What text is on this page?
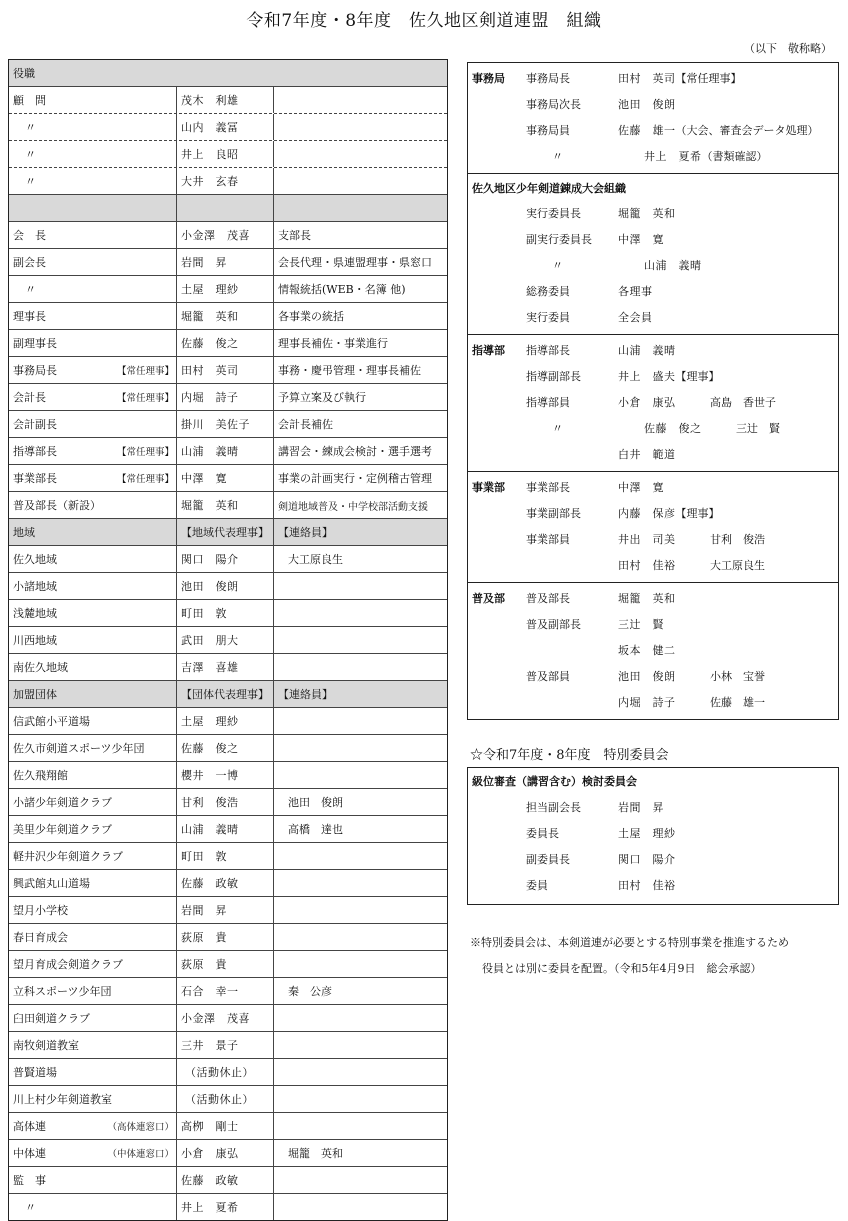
令和7年度・8年度　佐久地区剣道連盟　組織
（以下　敬称略）
役職
顧　問	茂木　利雄
〃	山内　義冨
〃	井上　良昭
〃	大井　玄春
会　長	小金澤　茂喜	支部長
副会長	岩間　昇	会長代理・県連盟理事・県窓口
〃	土屋　理紗	情報統括(WEB・名簿 他)
理事長	堀籠　英和	各事業の統括
副理事長	佐藤　俊之	理事長補佐・事業進行
事務局長	【常任理事】 田村　英司	事務・慶弔管理・理事長補佐
会計長	【常任理事】 内堀　詩子	予算立案及び執行
会計副長	掛川　美佐子	会計長補佐
指導部長	【常任理事】 山浦　義晴	講習会・練成会検討・選手選考
事業部長	【常任理事】 中澤　寛	事業の計画実行・定例稽古管理
普及部長（新設）	堀籠　英和	剣道地域普及・中学校部活動支援
地域	【地域代表理事】 【連絡員】
佐久地域	関口　陽介	大工原良生
小諸地域	池田　俊朗
浅麓地域	町田　敦
川西地域	武田　朋大
南佐久地域	吉澤　喜雄
加盟団体	【団体代表理事】 【連絡員】
信武館小平道場	土屋　理紗
佐久市剣道スポーツ少年団	佐藤　俊之
佐久飛翔館	櫻井　一博
小諸少年剣道クラブ	甘利　俊浩	池田　俊朗
美里少年剣道クラブ	山浦　義晴	高橋　達也
軽井沢少年剣道クラブ	町田　敦
興武館丸山道場	佐藤　政敏
望月小学校	岩間　昇
春日育成会	荻原　貴
望月育成会剣道クラブ	荻原　貴
立科スポーツ少年団	石合　幸一	秦　公彦
臼田剣道クラブ	小金澤　茂喜
南牧剣道教室	三井　景子
普賢道場	（活動休止）
川上村少年剣道教室	（活動休止）
高体連	（高体連窓口） 高栁　剛士
中体連	（中体連窓口） 小倉　康弘	堀籠　英和
監　事	佐藤　政敏
〃	井上　夏希
事務局	事務局長	田村　英司 【常任理事】
事務局次長	池田　俊朗
事務局員	佐藤　雄一 （大会、審査会データ処理）
〃	井上　夏希 （書類確認）
佐久地区少年剣道錬成大会組織
実行委員長	堀籠　英和
副実行委員長	中澤　寛
〃	山浦　義晴
総務委員	各理事
実行委員	全会員
指導部	指導部長	山浦　義晴
指導副部長	井上　盛夫 【理事】
指導部員	小倉　康弘	高島　香世子
〃	佐藤　俊之	三辻　賢
白井　範道
事業部	事業部長	中澤　寛
事業副部長	内藤　保彦 【理事】
事業部員	井出　司美	甘利　俊浩
田村　佳裕	大工原良生
普及部	普及部長	堀籠　英和
普及副部長	三辻　賢
坂本　健二
普及部員	池田　俊朗	小林　宝誉
内堀　詩子	佐藤　雄一
☆令和7年度・8年度　特別委員会
級位審査（講習含む）検討委員会
担当副会長	岩間　昇
委員長	土屋　理紗
副委員長	関口　陽介
委員	田村　佳裕
※特別委員会は、本剣道連が必要とする特別事業を推進するため
役員とは別に委員を配置。（令和5年4月9日　総会承認）
